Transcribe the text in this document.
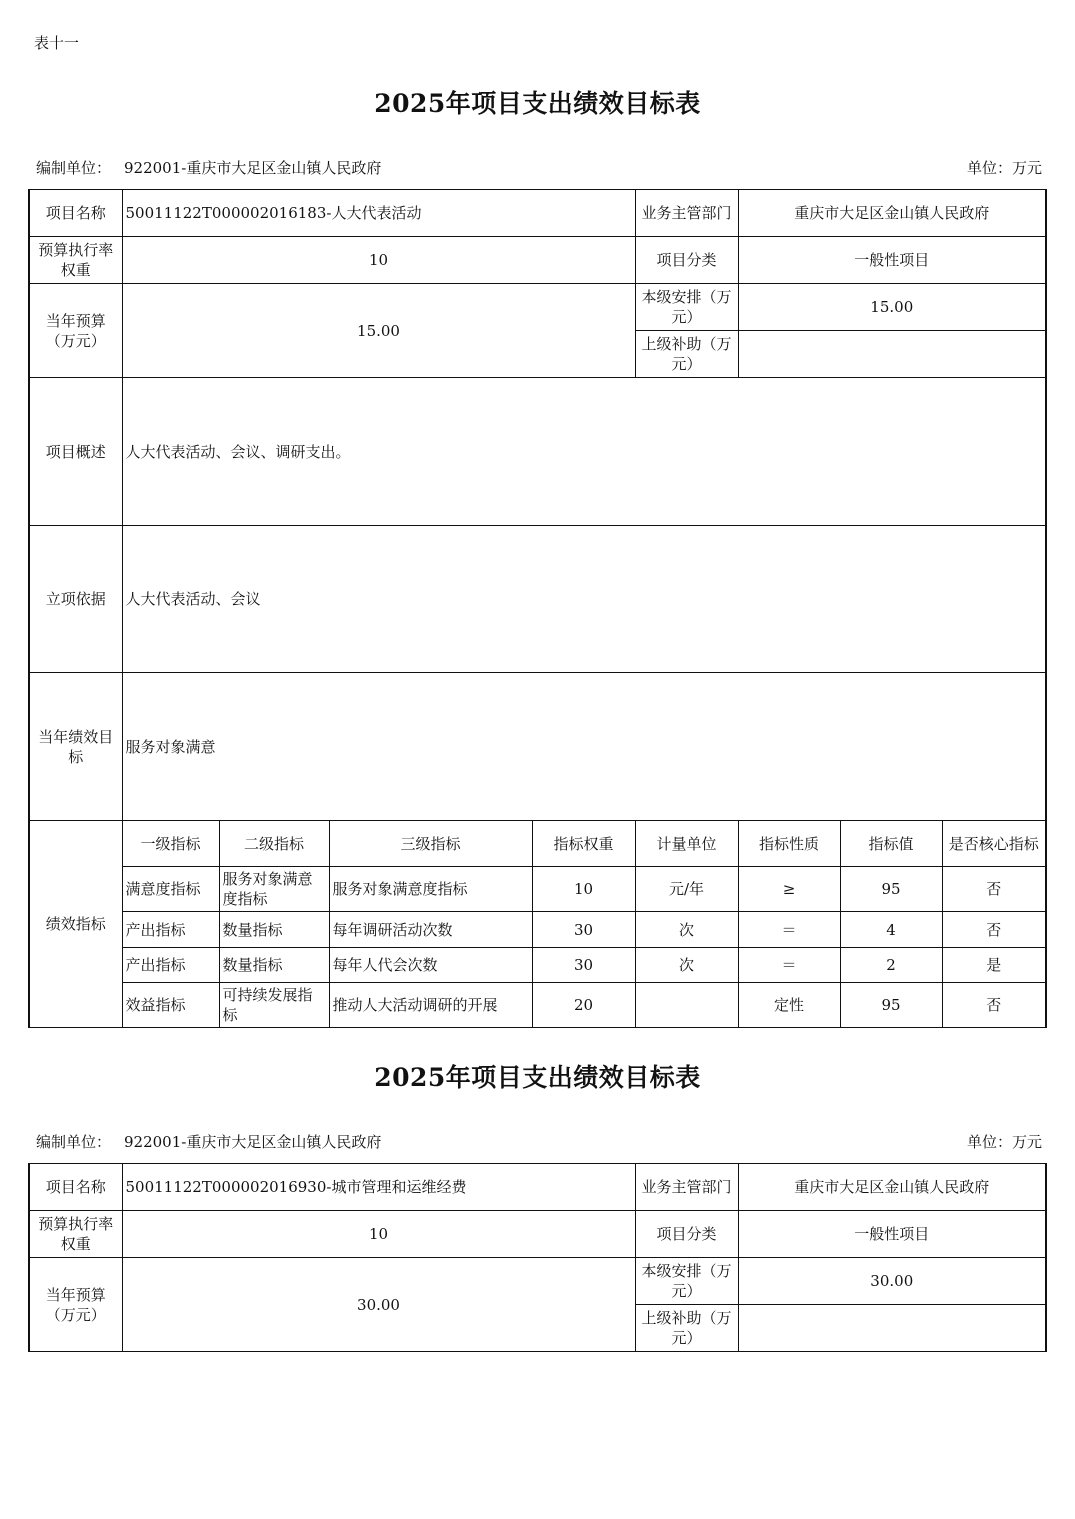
表十一
2025年项目支出绩效目标表
编制单位： 922001-重庆市大足区金山镇人民政府	单位：万元
项目名称	50011122T000002016183-人大代表活动				业务主管部门	重庆市大足区金山镇人民政府		
预算执行率权重	10				项目分类	一般性项目		
当年预算（万元）	15.00				本级安排（万元）	15.00		
					上级补助（万元）			
项目概述	人大代表活动、会议、调研支出。							
立项依据	人大代表活动、会议							
当年绩效目标	服务对象满意							
绩效指标	一级指标	二级指标	三级指标	指标权重	计量单位	指标性质	指标值	是否核心指标
	满意度指标	服务对象满意度指标	服务对象满意度指标	10	元/年	≥	95	否
	产出指标	数量指标	每年调研活动次数	30	次	＝	4	否
	产出指标	数量指标	每年人代会次数	30	次	＝	2	是
	效益指标	可持续发展指标	推动人大活动调研的开展	20		定性	95	否
2025年项目支出绩效目标表
编制单位： 922001-重庆市大足区金山镇人民政府	单位：万元
项目名称	50011122T000002016930-城市管理和运维经费	业务主管部门	重庆市大足区金山镇人民政府
预算执行率权重	10	项目分类	一般性项目
当年预算（万元）	30.00	本级安排（万元）	30.00
		上级补助（万元）	
